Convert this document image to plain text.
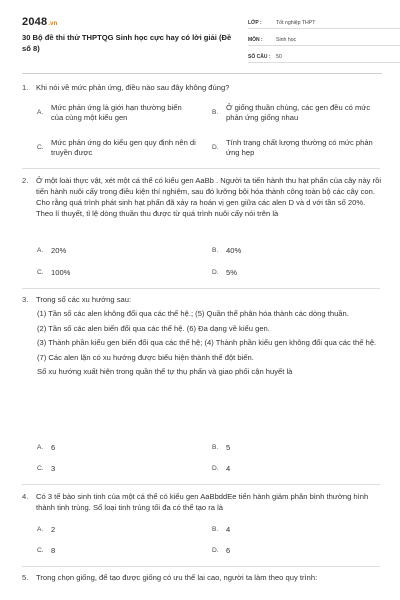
2048.vn
30 Bộ đề thi thử THPTQG Sinh học cực hay có lời giải (Đề số 8)
LỚP :	Tốt nghiệp THPT
MÔN :	Sinh học
SỐ CÂU :	50
1.	Khi nói về mức phản ứng, điều nào sau đây không đúng?
A.
Mức phản ứng là giới hạn thường biến của cùng một kiểu gen
B.
Ở giống thuần chủng, các gen đều có mức phản ứng giống nhau
C.
Mức phản ứng do kiểu gen quy định nên di truyền được
D.
Tính trạng chất lượng thường có mức phản ứng hẹp
2.	Ở một loài thực vật, xét một cá thể có kiểu gen AaBb . Người ta tiến hành thu hạt phấn của cây này rồi tiến hành nuôi cấy trong điều kiện thí nghiệm, sau đó lưỡng bội hóa thành công toàn bộ các cây con. Cho rằng quá trình phát sinh hạt phấn đã xảy ra hoán vị gen giữa các alen D và d với tần số 20%. Theo lí thuyết, tỉ lệ dòng thuần thu được từ quá trình nuôi cấy nói trên là
A.	20%	B.	40%
C. 100%	D. 5%
3.	Trong số các xu hướng sau:
(1) Tần số các alen không đổi qua các thế hệ.; (5) Quần thể phân hóa thành các dòng thuần.
(2) Tần số các alen biến đổi qua các thế hệ. (6) Đa dạng về kiểu gen.
(3) Thành phần kiểu gen biến đổi qua các thế hệ; (4) Thành phần kiểu gen không đổi qua các thế hệ.
(7) Các alen lặn có xu hướng được biểu hiện thành thể đột biến.
Số xu hướng xuất hiện trong quần thể tự thụ phấn và giao phối cận huyết là
A.	6	B.	5
C. 3	D. 4
4.	Có 3 tế bào sinh tinh của một cá thể có kiểu gen AaBbddEe tiến hành giảm phân bình thường hình thành tinh trùng. Số loại tinh trùng tối đa có thể tạo ra là
A.	2	B.	4
C. 8	D. 6
5.	Trong chọn giống, để tạo được giống có ưu thế lai cao, người ta làm theo quy trình:
